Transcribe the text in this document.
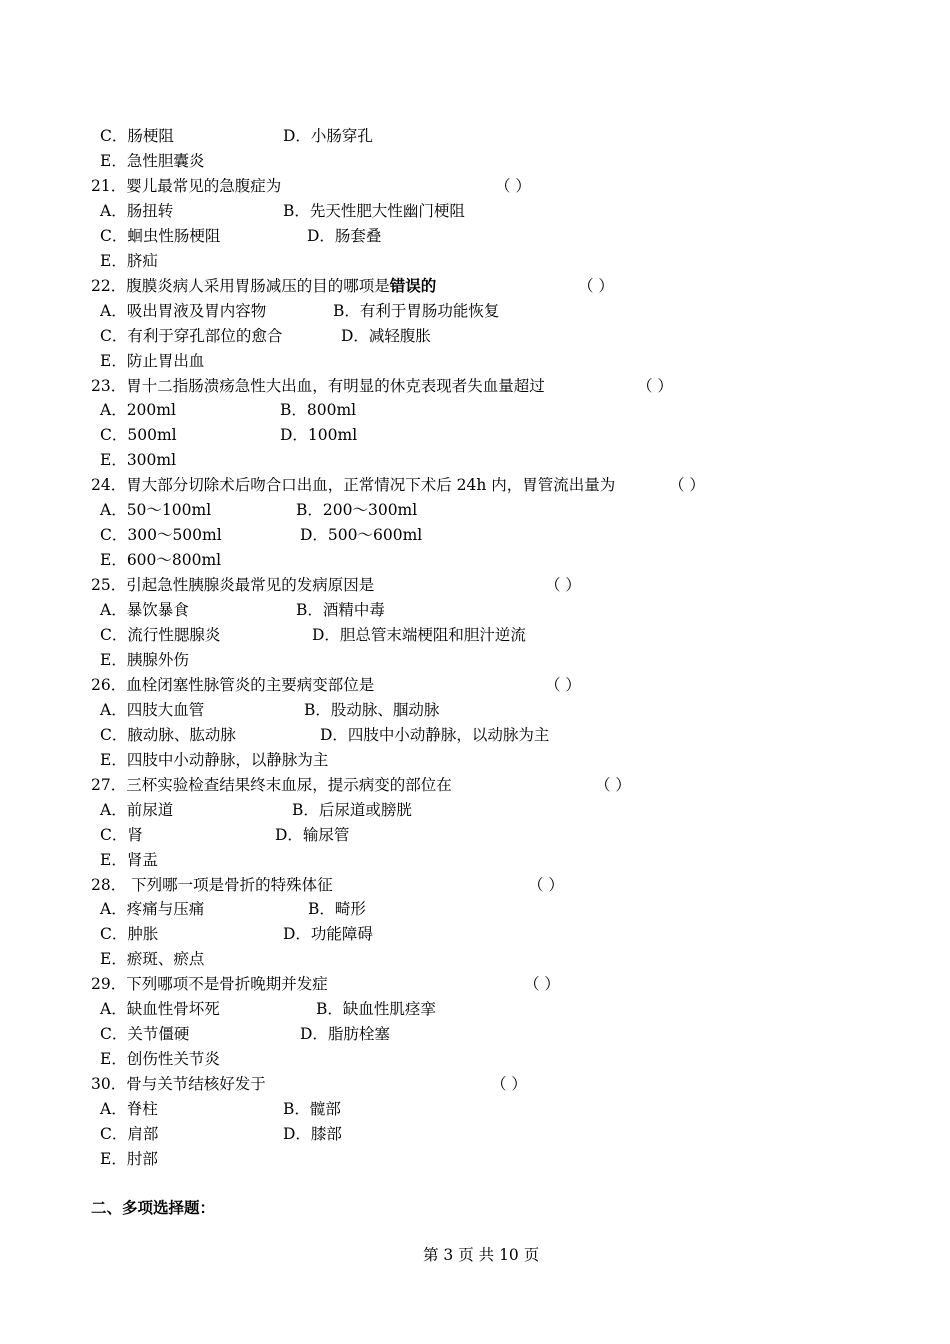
C．肠梗阻	D．小肠穿孔
E．急性胆囊炎
21．婴儿最常见的急腹症为	（ ）
A．肠扭转	B．先天性肥大性幽门梗阻
C．蛔虫性肠梗阻	D．肠套叠
E．脐疝
22．腹膜炎病人采用胃肠减压的目的哪项是错误的	（ ）
A．吸出胃液及胃内容物	B．有利于胃肠功能恢复
C．有利于穿孔部位的愈合	D．减轻腹胀
E．防止胃出血
23．胃十二指肠溃疡急性大出血，有明显的休克表现者失血量超过	（ ）
A．200ml	B．800ml
C．500ml	D．100ml
E．300ml
24．胃大部分切除术后吻合口出血，正常情况下术后 24h 内，胃管流出量为	（ ）
A．50～100ml	B．200～300ml
C．300～500ml	D．500～600ml
E．600～800ml
25．引起急性胰腺炎最常见的发病原因是	（ ）
A．暴饮暴食	B．酒精中毒
C．流行性腮腺炎	D．胆总管末端梗阻和胆汁逆流
E．胰腺外伤
26．血栓闭塞性脉管炎的主要病变部位是	（ ）
A．四肢大血管	B．股动脉、腘动脉
C．腋动脉、肱动脉	D．四肢中小动静脉，以动脉为主
E．四肢中小动静脉，以静脉为主
27．三杯实验检查结果终末血尿，提示病变的部位在	（ ）
A．前尿道	B．后尿道或膀胱
C．肾	D．输尿管
E．肾盂
28． 下列哪一项是骨折的特殊体征	（ ）
A．疼痛与压痛	B．畸形
C．肿胀	D．功能障碍
E．瘀斑、瘀点
29．下列哪项不是骨折晚期并发症	（ ）
A．缺血性骨坏死	B．缺血性肌痉挛
C．关节僵硬	D．脂肪栓塞
E．创伤性关节炎
30．骨与关节结核好发于	（ ）
A．脊柱	B．髋部
C．肩部	D．膝部
E．肘部
二、多项选择题：
第 3 页 共 10 页
